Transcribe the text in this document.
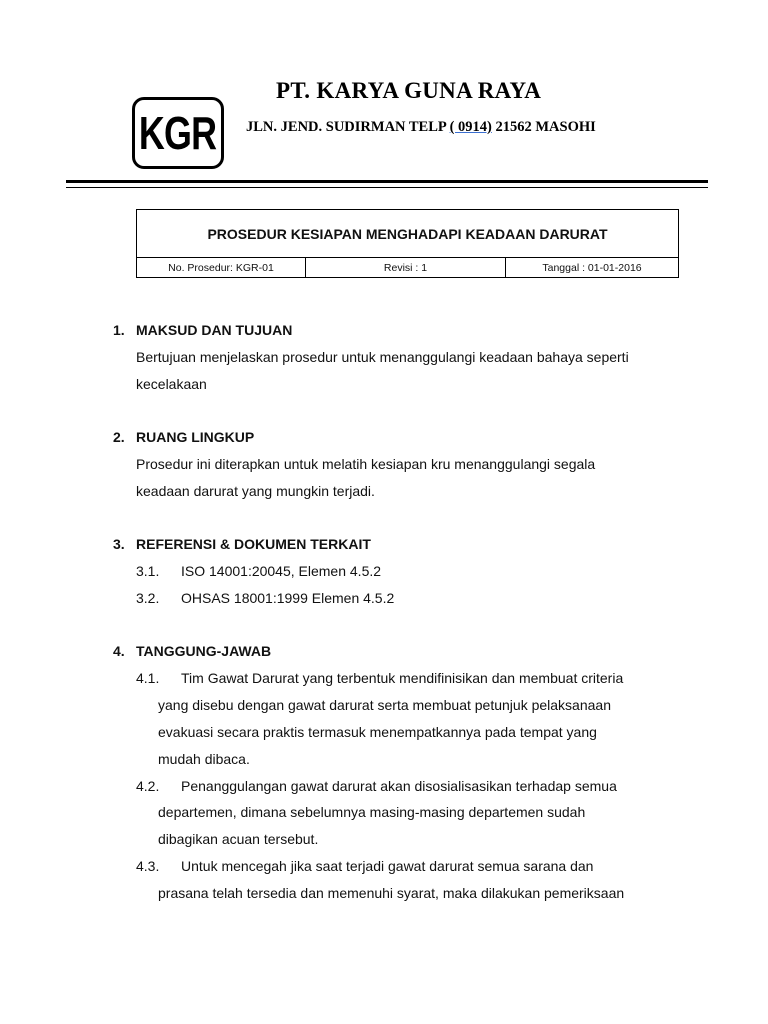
KGR
PT. KARYA GUNA RAYA
JLN. JEND. SUDIRMAN TELP ( 0914) 21562 MASOHI
PROSEDUR KESIAPAN MENGHADAPI KEADAAN DARURAT
No. Prosedur: KGR-01	Revisi : 1	Tanggal : 01-01-2016
1. MAKSUD DAN TUJUAN
Bertujuan menjelaskan prosedur untuk menanggulangi keadaan bahaya seperti
kecelakaan
2. RUANG LINGKUP
Prosedur ini diterapkan untuk melatih kesiapan kru menanggulangi segala
keadaan darurat yang mungkin terjadi.
3. REFERENSI & DOKUMEN TERKAIT
3.1. ISO 14001:20045, Elemen 4.5.2
3.2. OHSAS 18001:1999 Elemen 4.5.2
4. TANGGUNG-JAWAB
4.1. Tim Gawat Darurat yang terbentuk mendifinisikan dan membuat criteria
yang disebu dengan gawat darurat serta membuat petunjuk pelaksanaan
evakuasi secara praktis termasuk menempatkannya pada tempat yang
mudah dibaca.
4.2. Penanggulangan gawat darurat akan disosialisasikan terhadap semua
departemen, dimana sebelumnya masing-masing departemen sudah
dibagikan acuan tersebut.
4.3. Untuk mencegah jika saat terjadi gawat darurat semua sarana dan
prasana telah tersedia dan memenuhi syarat, maka dilakukan pemeriksaan
